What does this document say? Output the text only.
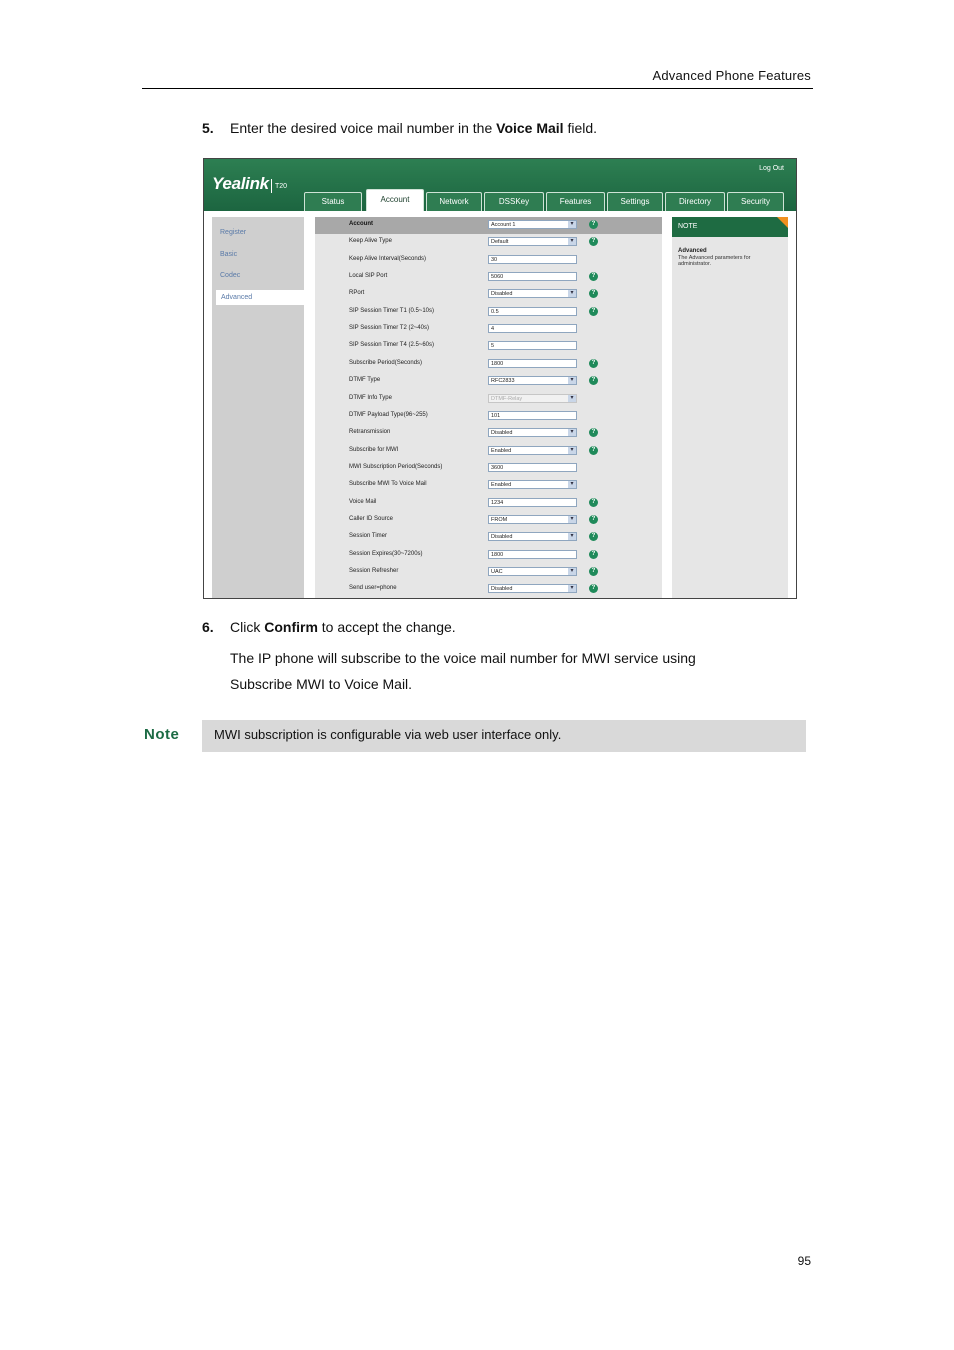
Advanced Phone Features
5. Enter the desired voice mail number in the Voice Mail field.
Yealink T20
Log Out
Status	Account	Network	DSSKey	Features	Settings	Directory	Security
Register
Basic
Codec
Advanced
Account	Account 1 ▾	?
Keep Alive Type	Default ▾	?
Keep Alive Interval(Seconds)	30
Local SIP Port	5060	?
RPort	Disabled ▾	?
SIP Session Timer T1 (0.5~10s)	0.5	?
SIP Session Timer T2 (2~40s)	4
SIP Session Timer T4 (2.5~60s)	5
Subscribe Period(Seconds)	1800	?
DTMF Type	RFC2833 ▾	?
DTMF Info Type	DTMF-Relay ▾
DTMF Payload Type(96~255)	101
Retransmission	Disabled ▾	?
Subscribe for MWI	Enabled ▾	?
MWI Subscription Period(Seconds)	3600
Subscribe MWI To Voice Mail	Enabled ▾
Voice Mail	1234	?
Caller ID Source	FROM ▾	?
Session Timer	Disabled ▾	?
Session Expires(30~7200s)	1800	?
Session Refresher	UAC ▾	?
Send user=phone	Disabled ▾	?
NOTE
Advanced
The Advanced parameters for administrator.
6. Click Confirm to accept the change.
The IP phone will subscribe to the voice mail number for MWI service using
Subscribe MWI to Voice Mail.
Note	MWI subscription is configurable via web user interface only.
95
